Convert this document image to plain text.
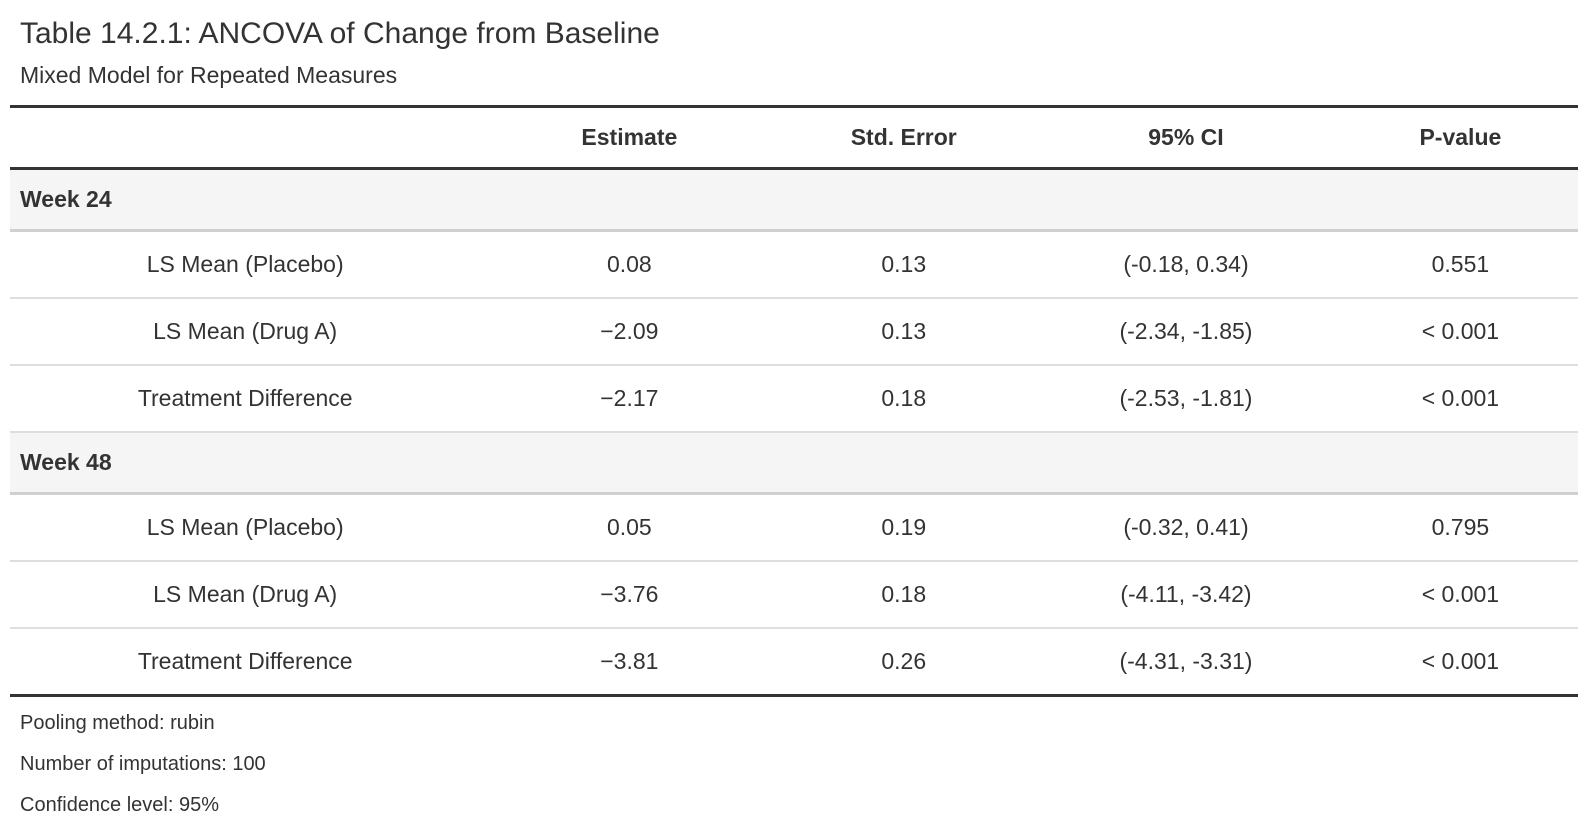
Table 14.2.1: ANCOVA of Change from Baseline
Mixed Model for Repeated Measures
	Estimate	Std. Error	95% CI	P-value
Week 24				
LS Mean (Placebo)	0.08	0.13	(-0.18, 0.34)	0.551
LS Mean (Drug A)	−2.09	0.13	(-2.34, -1.85)	< 0.001
Treatment Difference	−2.17	0.18	(-2.53, -1.81)	< 0.001
Week 48				
LS Mean (Placebo)	0.05	0.19	(-0.32, 0.41)	0.795
LS Mean (Drug A)	−3.76	0.18	(-4.11, -3.42)	< 0.001
Treatment Difference	−3.81	0.26	(-4.31, -3.31)	< 0.001
Pooling method: rubin
Number of imputations: 100
Confidence level: 95%
